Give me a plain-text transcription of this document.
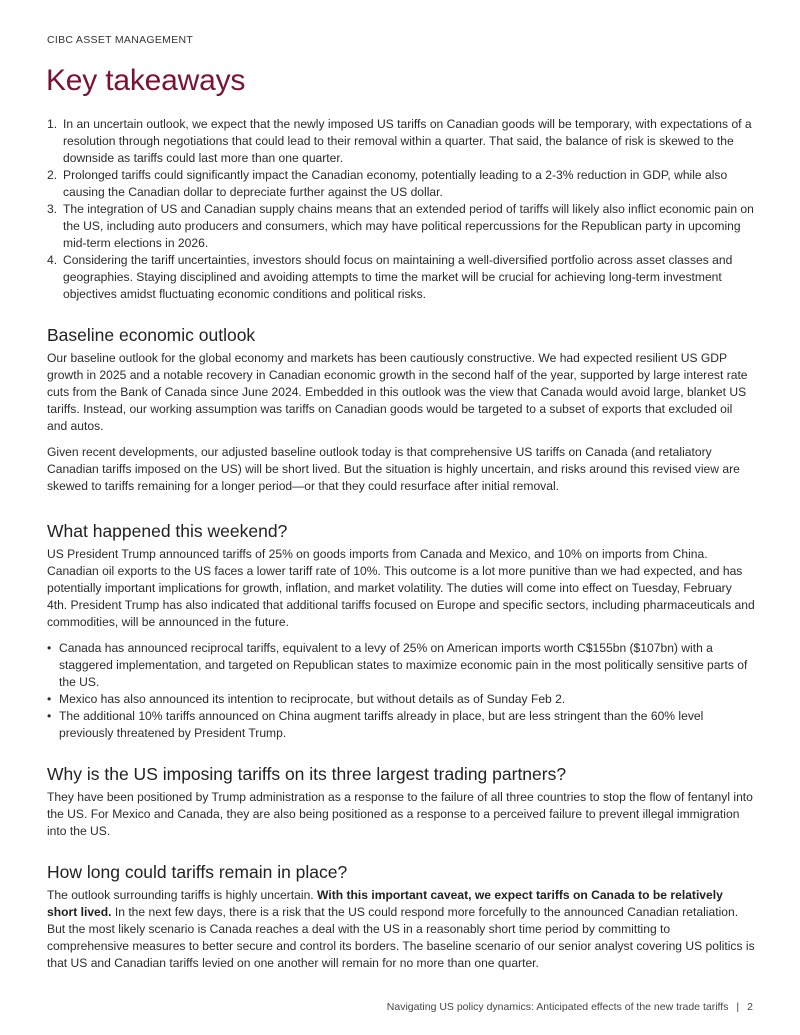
CIBC ASSET MANAGEMENT
Key takeaways
1. In an uncertain outlook, we expect that the newly imposed US tariffs on Canadian goods will be temporary, with expectations of a resolution through negotiations that could lead to their removal within a quarter. That said, the balance of risk is skewed to the downside as tariffs could last more than one quarter.
2. Prolonged tariffs could significantly impact the Canadian economy, potentially leading to a 2-3% reduction in GDP, while also causing the Canadian dollar to depreciate further against the US dollar.
3. The integration of US and Canadian supply chains means that an extended period of tariffs will likely also inflict economic pain on the US, including auto producers and consumers, which may have political repercussions for the Republican party in upcoming mid-term elections in 2026.
4. Considering the tariff uncertainties, investors should focus on maintaining a well-diversified portfolio across asset classes and geographies. Staying disciplined and avoiding attempts to time the market will be crucial for achieving long-term investment objectives amidst fluctuating economic conditions and political risks.
Baseline economic outlook

Our baseline outlook for the global economy and markets has been cautiously constructive. We had expected resilient US GDP growth in 2025 and a notable recovery in Canadian economic growth in the second half of the year, supported by large interest rate cuts from the Bank of Canada since June 2024. Embedded in this outlook was the view that Canada would avoid large, blanket US tariffs. Instead, our working assumption was tariffs on Canadian goods would be targeted to a subset of exports that excluded oil and autos.

Given recent developments, our adjusted baseline outlook today is that comprehensive US tariffs on Canada (and retaliatory Canadian tariffs imposed on the US) will be short lived. But the situation is highly uncertain, and risks around this revised view are skewed to tariffs remaining for a longer period—or that they could resurface after initial removal.

What happened this weekend?

US President Trump announced tariffs of 25% on goods imports from Canada and Mexico, and 10% on imports from China. Canadian oil exports to the US faces a lower tariff rate of 10%. This outcome is a lot more punitive than we had expected, and has potentially important implications for growth, inflation, and market volatility. The duties will come into effect on Tuesday, February 4th. President Trump has also indicated that additional tariffs focused on Europe and specific sectors, including pharmaceuticals and commodities, will be announced in the future.

• Canada has announced reciprocal tariffs, equivalent to a levy of 25% on American imports worth C$155bn ($107bn) with a staggered implementation, and targeted on Republican states to maximize economic pain in the most politically sensitive parts of the US.
• Mexico has also announced its intention to reciprocate, but without details as of Sunday Feb 2.
• The additional 10% tariffs announced on China augment tariffs already in place, but are less stringent than the 60% level previously threatened by President Trump.
Why is the US imposing tariffs on its three largest trading partners?

They have been positioned by Trump administration as a response to the failure of all three countries to stop the flow of fentanyl into the US. For Mexico and Canada, they are also being positioned as a response to a perceived failure to prevent illegal immigration into the US.

How long could tariffs remain in place?

The outlook surrounding tariffs is highly uncertain. With this important caveat, we expect tariffs on Canada to be relatively short lived. In the next few days, there is a risk that the US could respond more forcefully to the announced Canadian retaliation. But the most likely scenario is Canada reaches a deal with the US in a reasonably short time period by committing to comprehensive measures to better secure and control its borders. The baseline scenario of our senior analyst covering US politics is that US and Canadian tariffs levied on one another will remain for no more than one quarter.

Navigating US policy dynamics: Anticipated effects of the new trade tariffs | 2
